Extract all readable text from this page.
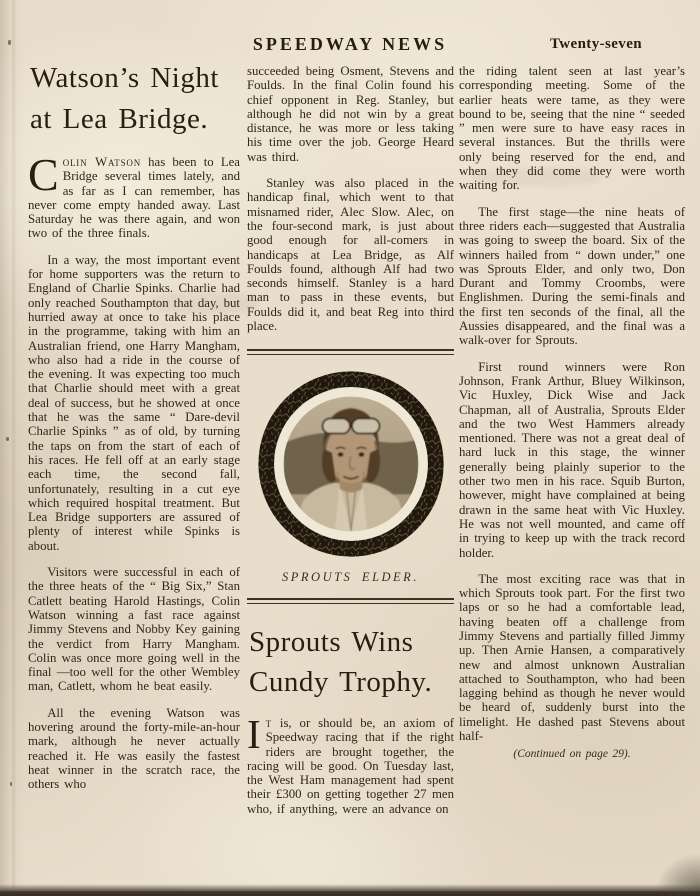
SPEEDWAY NEWS	Twenty-seven
Watson’s Night
at Lea Bridge.

Colin Watson has been to Lea Bridge several times lately, and as far as I can remember, has never come empty handed away. Last Saturday he was there again, and won two of the three finals.

In a way, the most important event for home supporters was the return to England of Charlie Spinks. Charlie had only reached Southampton that day, but hurried away at once to take his place in the programme, taking with him an Australian friend, one Harry Mangham, who also had a ride in the course of the evening. It was expecting too much that Charlie should meet with a great deal of success, but he showed at once that he was the same “ Dare-devil Charlie Spinks ” as of old, by turning the taps on from the start of each of his races. He fell off at an early stage each time, the second fall, unfortunately, resulting in a cut eye which required hospital treatment. But Lea Bridge supporters are assured of plenty of interest while Spinks is about.

Visitors were successful in each of the three heats of the “ Big Six,” Stan Catlett beating Harold Hastings, Colin Watson winning a fast race against Jimmy Stevens and Nobby Key gaining the verdict from Harry Mangham. Colin was once more going well in the final —too well for the other Wembley man, Catlett, whom he beat easily.

All the evening Watson was hovering around the forty-mile-an-hour mark, although he never actually reached it. He was easily the fastest heat winner in the scratch race, the others who

succeeded being Osment, Stevens and Foulds. In the final Colin found his chief opponent in Reg. Stanley, but although he did not win by a great distance, he was more or less taking his time over the job. George Heard was third.

Stanley was also placed in the handicap final, which went to that misnamed rider, Alec Slow. Alec, on the four-second mark, is just about good enough for all-comers in handicaps at Lea Bridge, as Alf Foulds found, although Alf had two seconds himself. Stanley is a hard man to pass in these events, but Foulds did it, and beat Reg into third place.

SPROUTS ELDER.
Sprouts Wins
Cundy Trophy.

It is, or should be, an axiom of Speedway racing that if the right riders are brought together, the racing will be good. On Tuesday last, the West Ham management had spent their £300 on getting together 27 men who, if anything, were an advance on

the riding talent seen at last year’s corresponding meeting. Some of the earlier heats were tame, as they were bound to be, seeing that the nine “ seeded ” men were sure to have easy races in several instances. But the thrills were only being reserved for the end, and when they did come they were worth waiting for.

The first stage—the nine heats of three riders each—suggested that Australia was going to sweep the board. Six of the winners hailed from “ down under,” one was Sprouts Elder, and only two, Don Durant and Tommy Croombs, were Englishmen. During the semi-finals and the first ten seconds of the final, all the Aussies disappeared, and the final was a walk-over for Sprouts.

First round winners were Ron Johnson, Frank Arthur, Bluey Wilkinson, Vic Huxley, Dick Wise and Jack Chapman, all of Australia, Sprouts Elder and the two West Hammers already mentioned. There was not a great deal of hard luck in this stage, the winner generally being plainly superior to the other two men in his race. Squib Burton, however, might have complained at being drawn in the same heat with Vic Huxley. He was not well mounted, and came off in trying to keep up with the track record holder.

The most exciting race was that in which Sprouts took part. For the first two laps or so he had a comfortable lead, having beaten off a challenge from Jimmy Stevens and partially filled Jimmy up. Then Arnie Hansen, a comparatively new and almost unknown Australian attached to Southampton, who had been lagging behind as though he never would be heard of, suddenly burst into the limelight. He dashed past Stevens about half-

(Continued on page 29).
